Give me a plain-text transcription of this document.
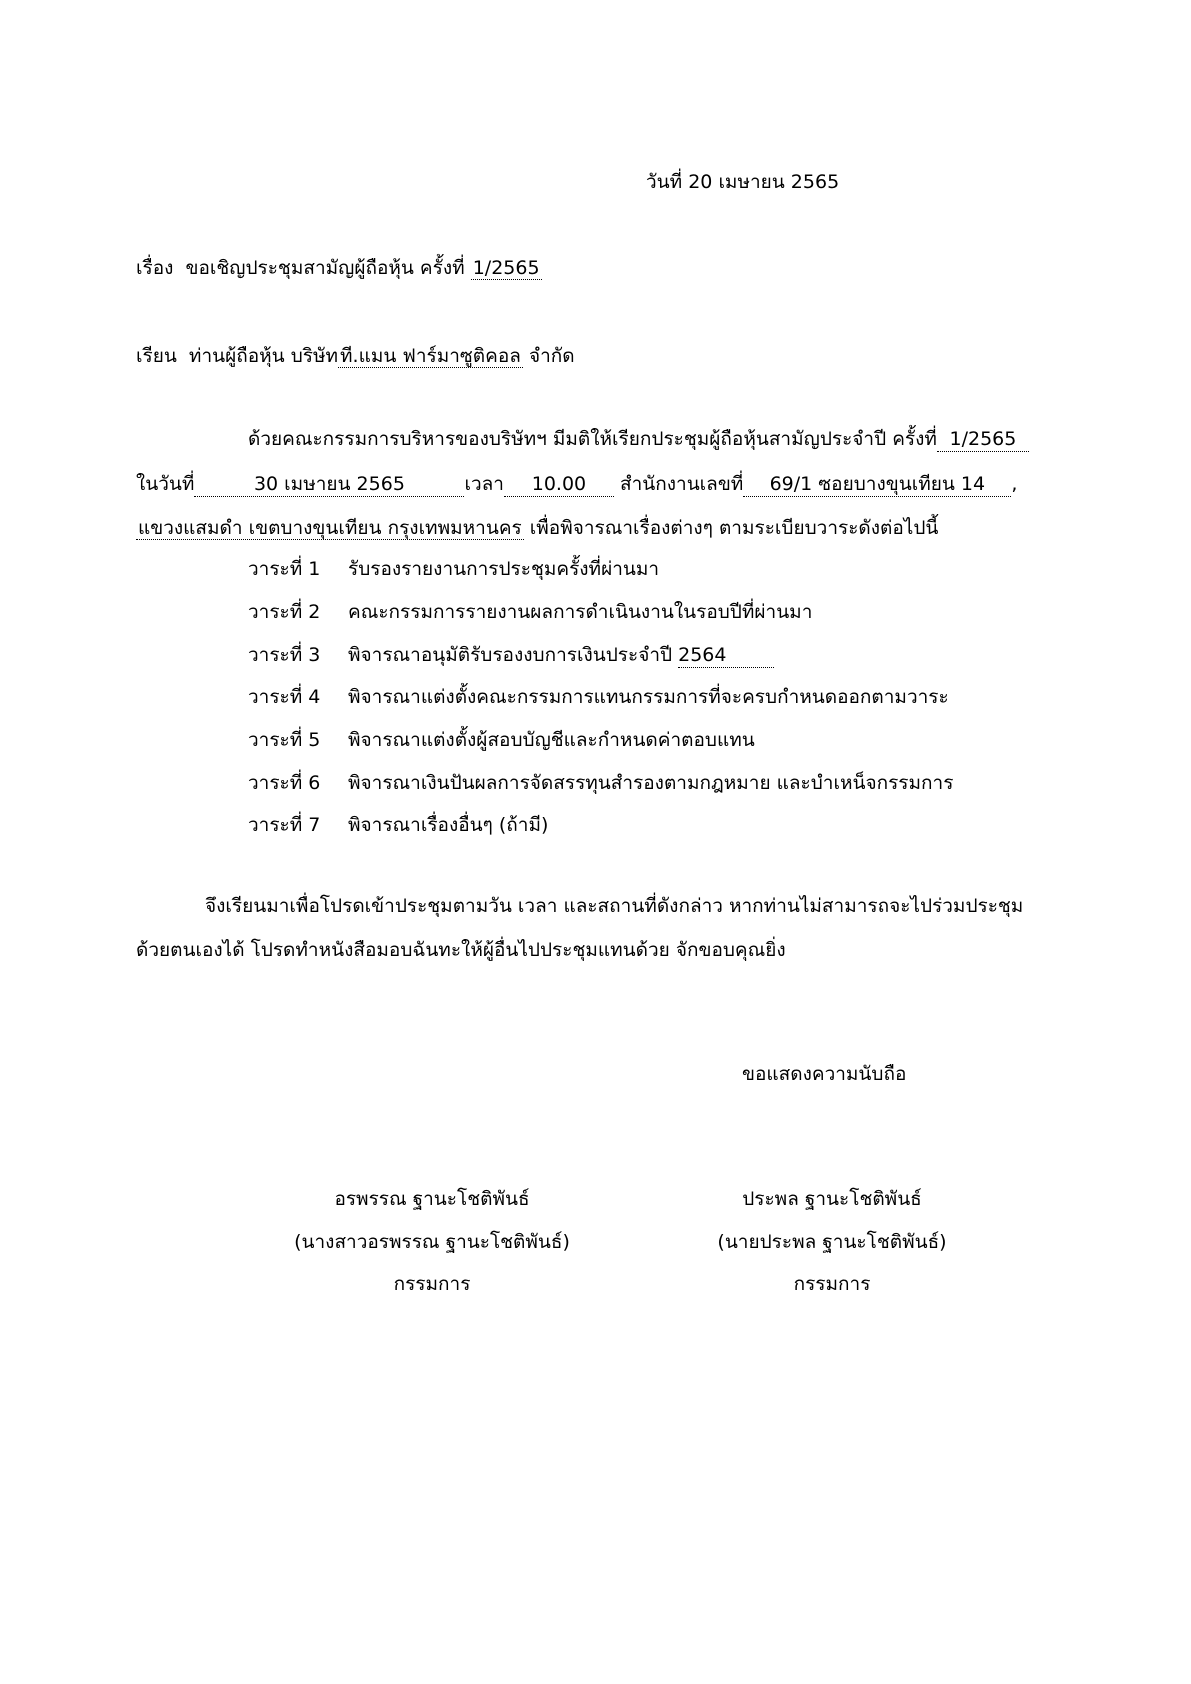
วันที่ 20 เมษายน 2565
เรื่อง ขอเชิญประชุมสามัญผู้ถือหุ้น ครั้งที่ 1/2565
เรียน ท่านผู้ถือหุ้น บริษัท ที.แมน ฟาร์มาซูติคอล จำกัด
ด้วยคณะกรรมการบริหารของบริษัทฯ มีมติให้เรียกประชุมผู้ถือหุ้นสามัญประจำปี ครั้งที่ 1/2565
ในวันที่	30 เมษายน 2565	เวลา 10.00 สำนักงานเลขที่ 69/1 ซอยบางขุนเทียน 14 ,
แขวงแสมดำ เขตบางขุนเทียน กรุงเทพมหานคร เพื่อพิจารณาเรื่องต่างๆ ตามระเบียบวาระดังต่อไปนี้
วาระที่ 1 รับรองรายงานการประชุมครั้งที่ผ่านมา
วาระที่ 2 คณะกรรมการรายงานผลการดำเนินงานในรอบปีที่ผ่านมา
วาระที่ 3 พิจารณาอนุมัติรับรองงบการเงินประจำปี 2564
วาระที่ 4 พิจารณาแต่งตั้งคณะกรรมการแทนกรรมการที่จะครบกำหนดออกตามวาระ
วาระที่ 5 พิจารณาแต่งตั้งผู้สอบบัญชีและกำหนดค่าตอบแทน
วาระที่ 6 พิจารณาเงินปันผลการจัดสรรทุนสำรองตามกฎหมาย และบำเหน็จกรรมการ
วาระที่ 7 พิจารณาเรื่องอื่นๆ (ถ้ามี)
จึงเรียนมาเพื่อโปรดเข้าประชุมตามวัน เวลา และสถานที่ดังกล่าว หากท่านไม่สามารถจะไปร่วมประชุม
ด้วยตนเองได้ โปรดทำหนังสือมอบฉันทะให้ผู้อื่นไปประชุมแทนด้วย จักขอบคุณยิ่ง
ขอแสดงความนับถือ
อรพรรณ ฐานะโชติพันธ์
(นางสาวอรพรรณ ฐานะโชติพันธ์)
กรรมการ
ประพล ฐานะโชติพันธ์
(นายประพล ฐานะโชติพันธ์)
กรรมการ
